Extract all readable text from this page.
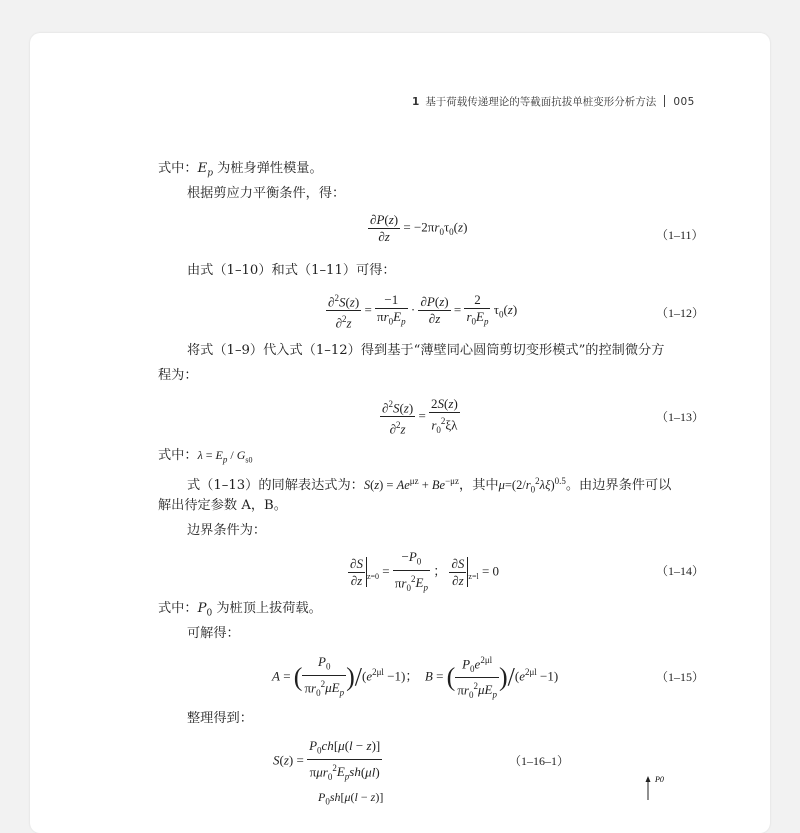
1 基于荷载传递理论的等截面抗拔单桩变形分析方法 005
式中：$E_p$ 为桩身弹性模量。
根据剪应力平衡条件，得：
$\frac{\partial P(z)}{\partial z} = -2\pi r_0\tau_0(z)$
（1–11）
由式（1–10）和式（1–11）可得：
$\frac{\partial^2S(z)}{\partial^2z} = \frac{-1}{\pi r_0E_p} \cdot \frac{\partial P(z)}{\partial z} = \frac{2}{r_0E_p} \tau_0(z)$	（1–12）
将式（1–9）代入式（1–12）得到基于“薄壁同心圆筒剪切变形模式”的控制微分方
程为：
$\frac{\partial^2S(z)}{\partial^2z} = \frac{2S(z)}{r_0^2\xi\lambda}$	（1–13）
式中：$\lambda = E_p / G_{s0}$
式（1–13）的同解表达式为：$S(z) = Ae^{\mu z} + Be^{-\mu z}$，其中$\mu=(2/r_0^2\lambda\xi)^{0.5}$。由边界条件可以
解出待定参数 A，B。
边界条件为：
$\frac{\partial S}{\partial z} _{z=0} = \frac{-P_0}{\pi r_0^2E_p}$ ； $\frac{\partial S}{\partial z} _{z=l} = 0$	（1–14）
式中：$P_0$ 为桩顶上拔荷载。
可解得：
A = ( $\frac{P_0}{\pi r_0^2\mu E_p} )/(e^{2\mu l} -1)$；  B = ( $\frac{P_0e^{2\mu l}}{\pi r_0^2\mu E_p} )/(e^{2\mu l} -1)$	（1–15）
整理得到：
$S(z) = \frac{P_0ch[\mu(l - z)]}{\pi\mu r_0^2E_psh(\mu l)}$	（1–16–1）
$P_0sh[\mu(l - z)]$
P0
